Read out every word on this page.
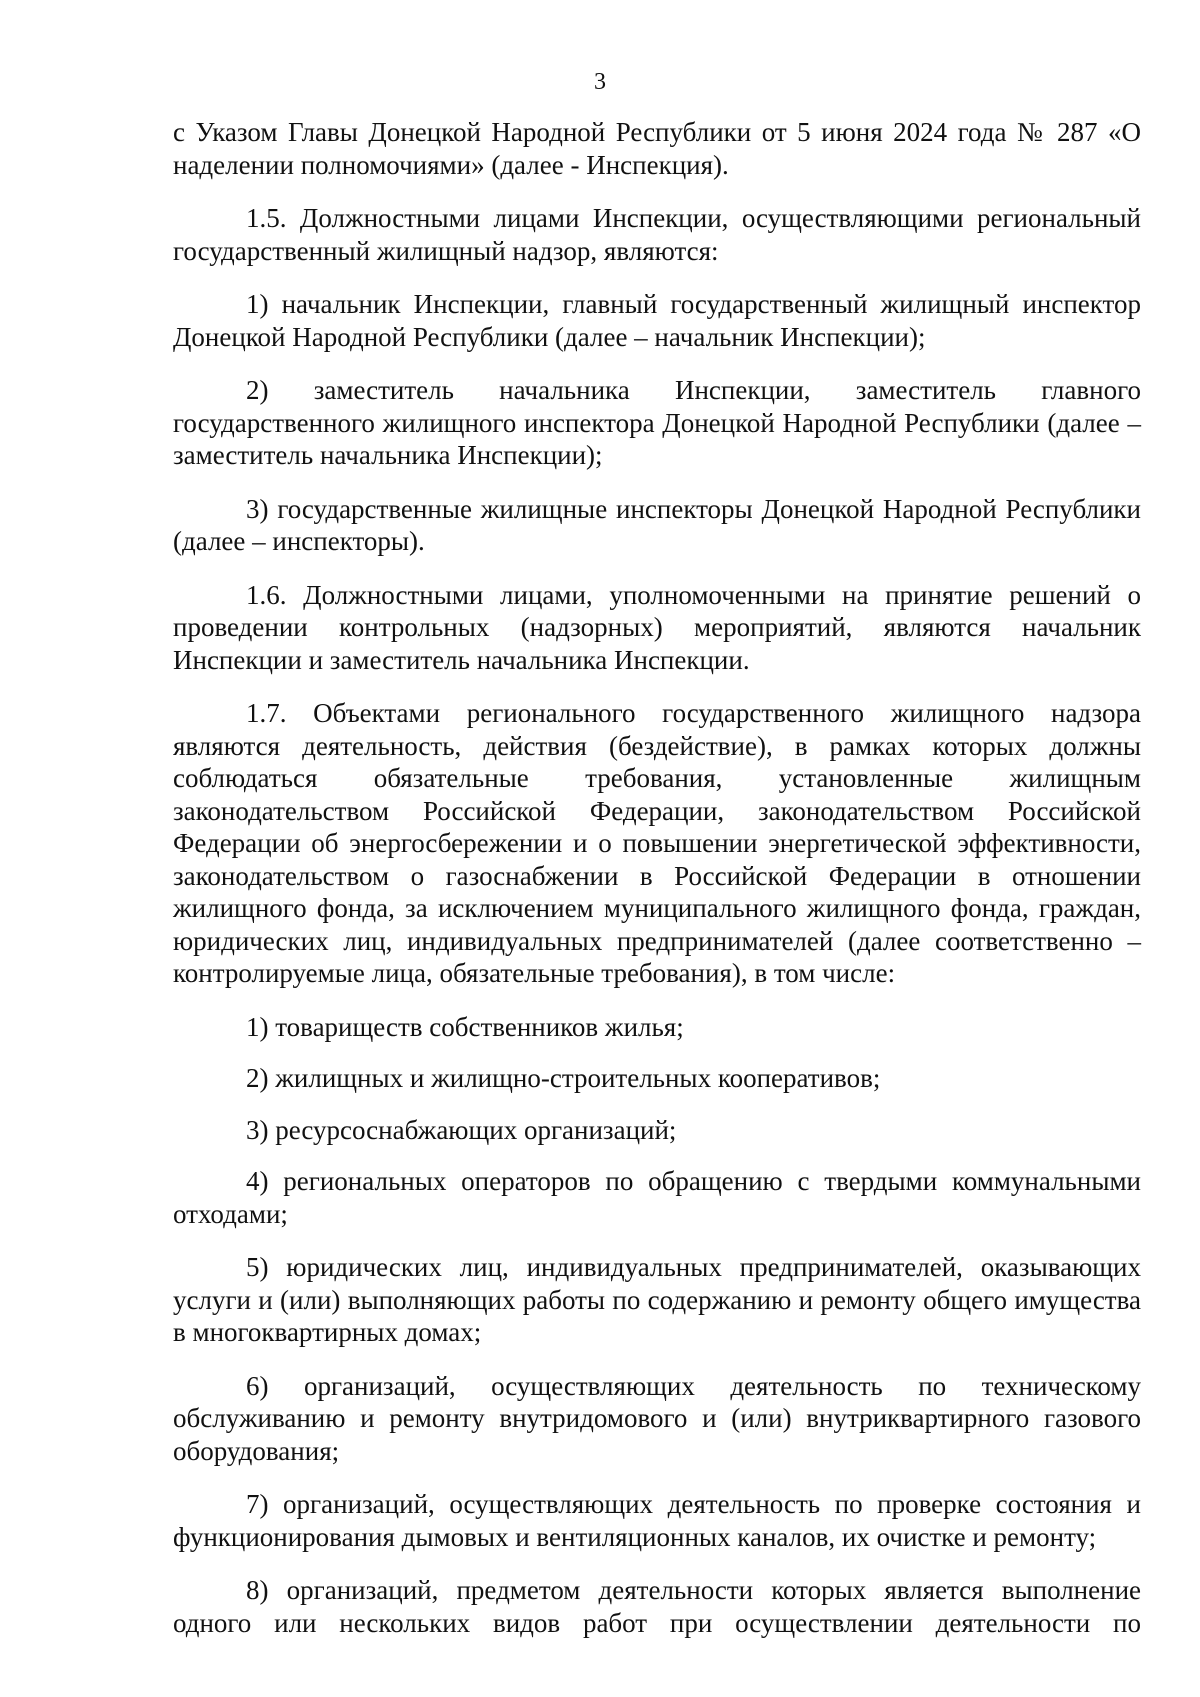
3

с Указом Главы Донецкой Народной Республики от 5 июня 2024 года № 287 «О наделении полномочиями» (далее - Инспекция).

1.5. Должностными лицами Инспекции, осуществляющими региональный государственный жилищный надзор, являются:

1) начальник Инспекции, главный государственный жилищный инспектор Донецкой Народной Республики (далее – начальник Инспекции);

2) заместитель начальника Инспекции, заместитель главного государственного жилищного инспектора Донецкой Народной Республики (далее – заместитель начальника Инспекции);

3) государственные жилищные инспекторы Донецкой Народной Республики (далее – инспекторы).

1.6. Должностными лицами, уполномоченными на принятие решений о проведении контрольных (надзорных) мероприятий, являются начальник Инспекции и заместитель начальника Инспекции.

1.7. Объектами регионального государственного жилищного надзора являются деятельность, действия (бездействие), в рамках которых должны соблюдаться обязательные требования, установленные жилищным законодательством Российской Федерации, законодательством Российской Федерации об энергосбережении и о повышении энергетической эффективности, законодательством о газоснабжении в Российской Федерации в отношении жилищного фонда, за исключением муниципального жилищного фонда, граждан, юридических лиц, индивидуальных предпринимателей (далее соответственно – контролируемые лица, обязательные требования), в том числе:

1) товариществ собственников жилья;

2) жилищных и жилищно-строительных кооперативов;

3) ресурсоснабжающих организаций;

4) региональных операторов по обращению с твердыми коммунальными отходами;

5) юридических лиц, индивидуальных предпринимателей, оказывающих услуги и (или) выполняющих работы по содержанию и ремонту общего имущества в многоквартирных домах;

6) организаций, осуществляющих деятельность по техническому обслуживанию и ремонту внутридомового и (или) внутриквартирного газового оборудования;

7) организаций, осуществляющих деятельность по проверке состояния и функционирования дымовых и вентиляционных каналов, их очистке и ремонту;

8) организаций, предметом деятельности которых является выполнение одного или нескольких видов работ при осуществлении деятельности по
